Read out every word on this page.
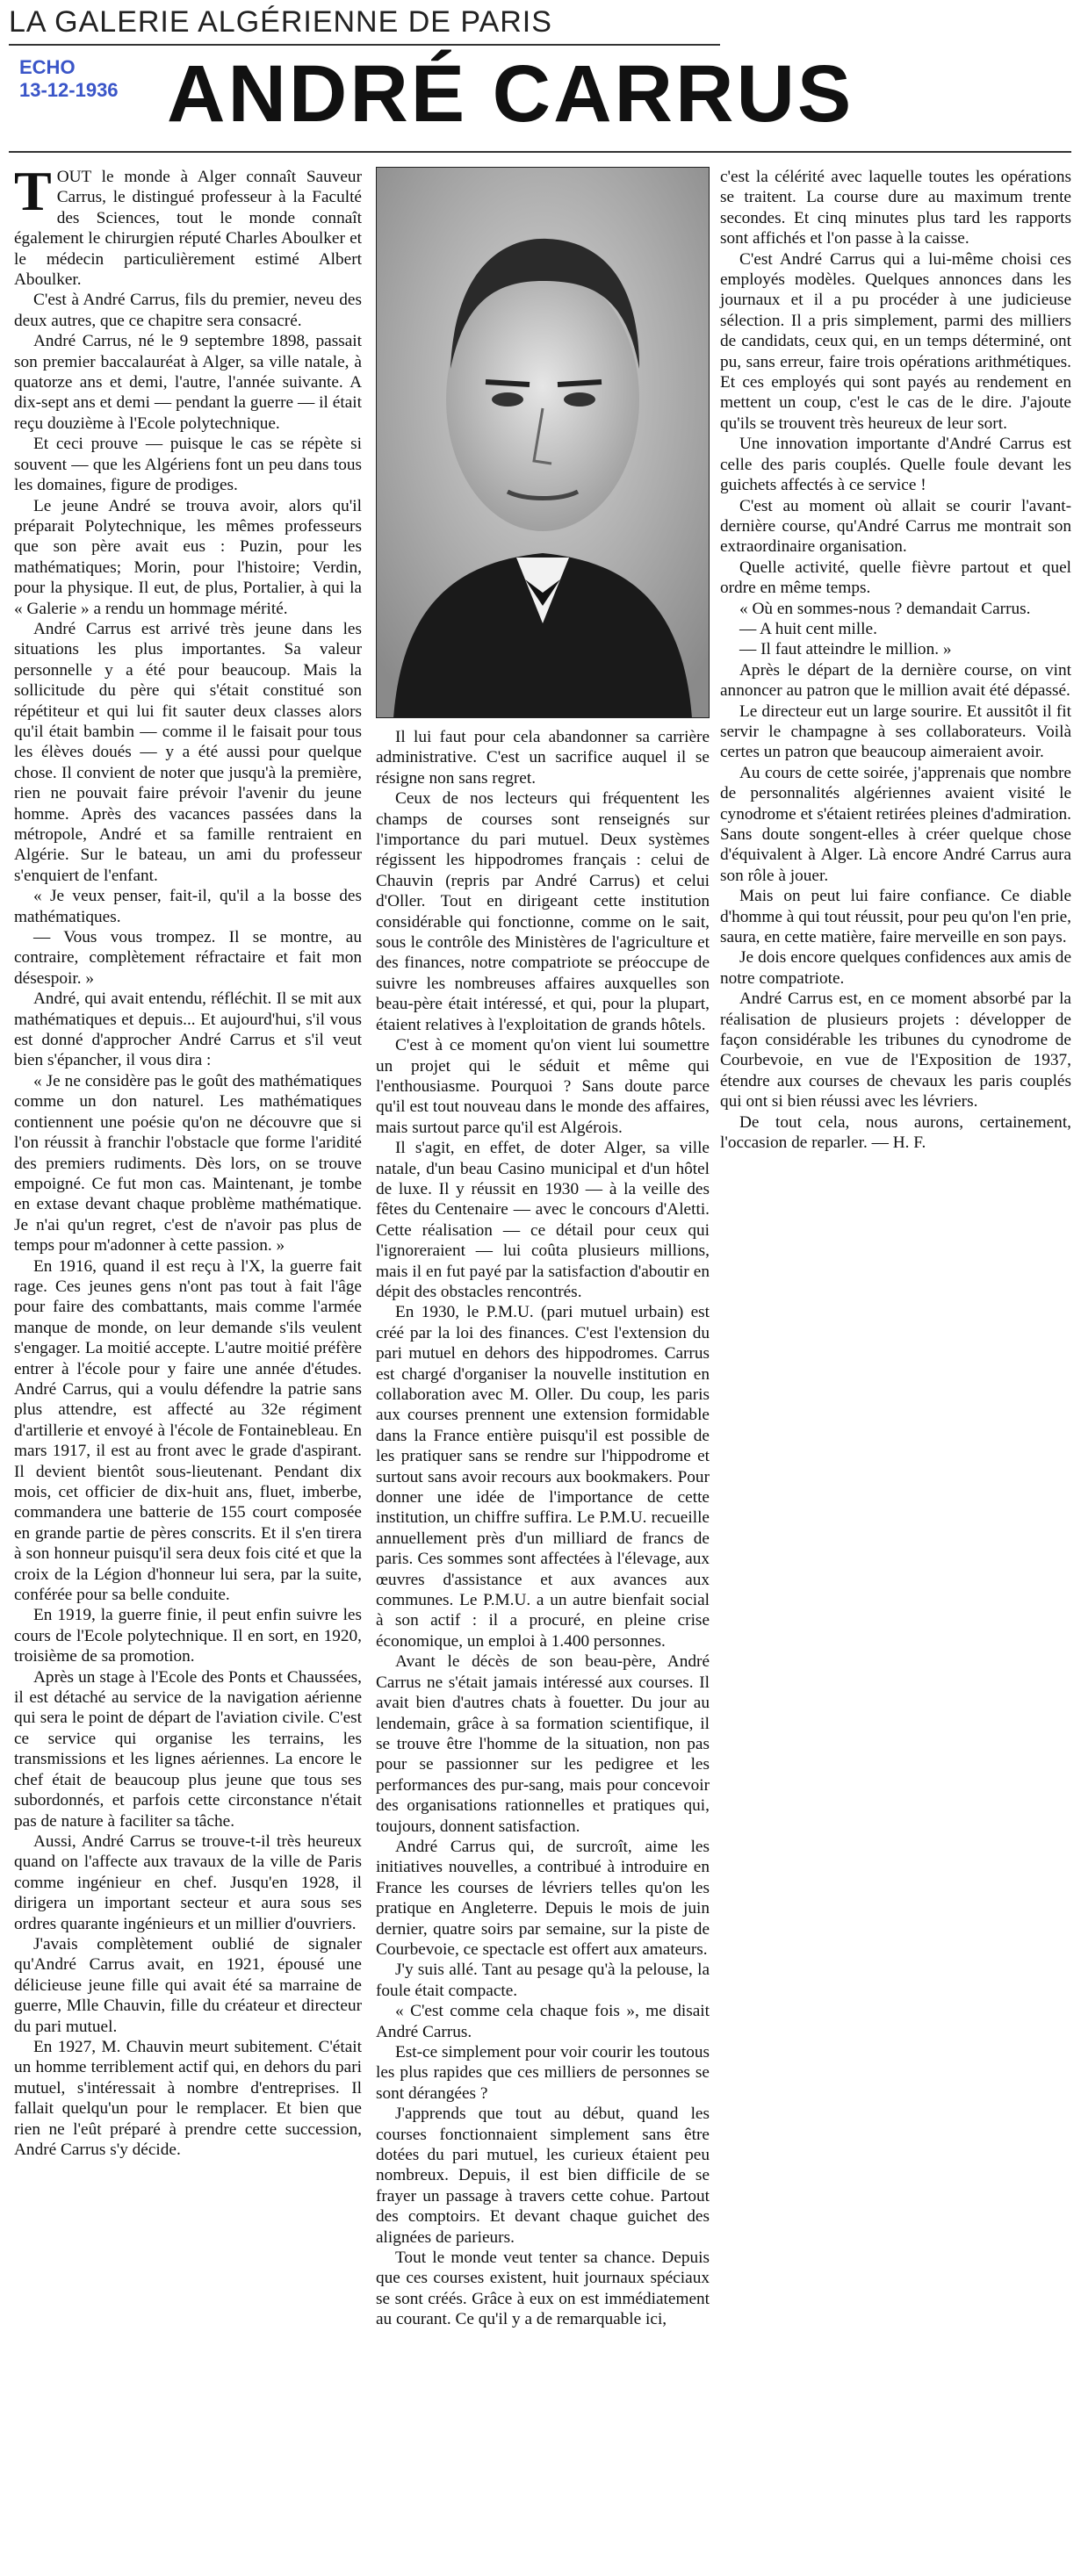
LA GALERIE ALGÉRIENNE DE PARIS
ECHO
13-12-1936 ANDRÉ CARRUS

TOUT le monde à Alger connaît Sauveur Carrus, le distingué professeur à la Faculté des Sciences, tout le monde connaît également le chirurgien réputé Charles Aboulker et le médecin particulièrement estimé Albert Aboulker.

C'est à André Carrus, fils du premier, neveu des deux autres, que ce chapitre sera consacré.

André Carrus, né le 9 septembre 1898, passait son premier baccalauréat à Alger, sa ville natale, à quatorze ans et demi, l'autre, l'année suivante. A dix-sept ans et demi — pendant la guerre — il était reçu douzième à l'Ecole polytechnique.

Et ceci prouve — puisque le cas se répète si souvent — que les Algériens font un peu dans tous les domaines, figure de prodiges.

Le jeune André se trouva avoir, alors qu'il préparait Polytechnique, les mêmes professeurs que son père avait eus : Puzin, pour les mathématiques; Morin, pour l'histoire; Verdin, pour la physique. Il eut, de plus, Portalier, à qui la « Galerie » a rendu un hommage mérité.

André Carrus est arrivé très jeune dans les situations les plus importantes. Sa valeur personnelle y a été pour beaucoup. Mais la sollicitude du père qui s'était constitué son répétiteur et qui lui fit sauter deux classes alors qu'il était bambin — comme il le faisait pour tous les élèves doués — y a été aussi pour quelque chose. Il convient de noter que jusqu'à la première, rien ne pouvait faire prévoir l'avenir du jeune homme. Après des vacances passées dans la métropole, André et sa famille rentraient en Algérie. Sur le bateau, un ami du professeur s'enquiert de l'enfant.

« Je veux penser, fait-il, qu'il a la bosse des mathématiques.

— Vous vous trompez. Il se montre, au contraire, complètement réfractaire et fait mon désespoir. »

André, qui avait entendu, réfléchit. Il se mit aux mathématiques et depuis... Et aujourd'hui, s'il vous est donné d'approcher André Carrus et s'il veut bien s'épancher, il vous dira :

« Je ne considère pas le goût des mathématiques comme un don naturel. Les mathématiques contiennent une poésie qu'on ne découvre que si l'on réussit à franchir l'obstacle que forme l'aridité des premiers rudiments. Dès lors, on se trouve empoigné. Ce fut mon cas. Maintenant, je tombe en extase devant chaque problème mathématique. Je n'ai qu'un regret, c'est de n'avoir pas plus de temps pour m'adonner à cette passion. »

En 1916, quand il est reçu à l'X, la guerre fait rage. Ces jeunes gens n'ont pas tout à fait l'âge pour faire des combattants, mais comme l'armée manque de monde, on leur demande s'ils veulent s'engager. La moitié accepte. L'autre moitié préfère entrer à l'école pour y faire une année d'études. André Carrus, qui a voulu défendre la patrie sans plus attendre, est affecté au 32e régiment d'artillerie et envoyé à l'école de Fontainebleau. En mars 1917, il est au front avec le grade d'aspirant. Il devient bientôt sous-lieutenant. Pendant dix mois, cet officier de dix-huit ans, fluet, imberbe, commandera une batterie de 155 court composée en grande partie de pères conscrits. Et il s'en tirera à son honneur puisqu'il sera deux fois cité et que la croix de la Légion d'honneur lui sera, par la suite, conférée pour sa belle conduite.

En 1919, la guerre finie, il peut enfin suivre les cours de l'Ecole polytechnique. Il en sort, en 1920, troisième de sa promotion.

Après un stage à l'Ecole des Ponts et Chaussées, il est détaché au service de la navigation aérienne qui sera le point de départ de l'aviation civile. C'est ce service qui organise les terrains, les transmissions et les lignes aériennes. La encore le chef était de beaucoup plus jeune que tous ses subordonnés, et parfois cette circonstance n'était pas de nature à faciliter sa tâche.

Aussi, André Carrus se trouve-t-il très heureux quand on l'affecte aux travaux de la ville de Paris comme ingénieur en chef. Jusqu'en 1928, il dirigera un important secteur et aura sous ses ordres quarante ingénieurs et un millier d'ouvriers.

J'avais complètement oublié de signaler qu'André Carrus avait, en 1921, épousé une délicieuse jeune fille qui avait été sa marraine de guerre, Mlle Chauvin, fille du créateur et directeur du pari mutuel.

En 1927, M. Chauvin meurt subitement. C'était un homme terriblement actif qui, en dehors du pari mutuel, s'intéressait à nombre d'entreprises. Il fallait quelqu'un pour le remplacer. Et bien que rien ne l'eût préparé à prendre cette succession, André Carrus s'y décide.

Il lui faut pour cela abandonner sa carrière administrative. C'est un sacrifice auquel il se résigne non sans regret.

Ceux de nos lecteurs qui fréquentent les champs de courses sont renseignés sur l'importance du pari mutuel. Deux systèmes régissent les hippodromes français : celui de Chauvin (repris par André Carrus) et celui d'Oller. Tout en dirigeant cette institution considérable qui fonctionne, comme on le sait, sous le contrôle des Ministères de l'agriculture et des finances, notre compatriote se préoccupe de suivre les nombreuses affaires auxquelles son beau-père était intéressé, et qui, pour la plupart, étaient relatives à l'exploitation de grands hôtels.

C'est à ce moment qu'on vient lui soumettre un projet qui le séduit et même qui l'enthousiasme. Pourquoi ? Sans doute parce qu'il est tout nouveau dans le monde des affaires, mais surtout parce qu'il est Algérois.

Il s'agit, en effet, de doter Alger, sa ville natale, d'un beau Casino municipal et d'un hôtel de luxe. Il y réussit en 1930 — à la veille des fêtes du Centenaire — avec le concours d'Aletti. Cette réalisation — ce détail pour ceux qui l'ignoreraient — lui coûta plusieurs millions, mais il en fut payé par la satisfaction d'aboutir en dépit des obstacles rencontrés.

En 1930, le P.M.U. (pari mutuel urbain) est créé par la loi des finances. C'est l'extension du pari mutuel en dehors des hippodromes. Carrus est chargé d'organiser la nouvelle institution en collaboration avec M. Oller. Du coup, les paris aux courses prennent une extension formidable dans la France entière puisqu'il est possible de les pratiquer sans se rendre sur l'hippodrome et surtout sans avoir recours aux bookmakers. Pour donner une idée de l'importance de cette institution, un chiffre suffira. Le P.M.U. recueille annuellement près d'un milliard de francs de paris. Ces sommes sont affectées à l'élevage, aux œuvres d'assistance et aux avances aux communes. Le P.M.U. a un autre bienfait social à son actif : il a procuré, en pleine crise économique, un emploi à 1.400 personnes.

Avant le décès de son beau-père, André Carrus ne s'était jamais intéressé aux courses. Il avait bien d'autres chats à fouetter. Du jour au lendemain, grâce à sa formation scientifique, il se trouve être l'homme de la situation, non pas pour se passionner sur les pedigree et les performances des pur-sang, mais pour concevoir des organisations rationnelles et pratiques qui, toujours, donnent satisfaction.

André Carrus qui, de surcroît, aime les initiatives nouvelles, a contribué à introduire en France les courses de lévriers telles qu'on les pratique en Angleterre. Depuis le mois de juin dernier, quatre soirs par semaine, sur la piste de Courbevoie, ce spectacle est offert aux amateurs.

J'y suis allé. Tant au pesage qu'à la pelouse, la foule était compacte.

« C'est comme cela chaque fois », me disait André Carrus.

Est-ce simplement pour voir courir les toutous les plus rapides que ces milliers de personnes se sont dérangées ?

J'apprends que tout au début, quand les courses fonctionnaient simplement sans être dotées du pari mutuel, les curieux étaient peu nombreux. Depuis, il est bien difficile de se frayer un passage à travers cette cohue. Partout des comptoirs. Et devant chaque guichet des alignées de parieurs.

Tout le monde veut tenter sa chance. Depuis que ces courses existent, huit journaux spéciaux se sont créés. Grâce à eux on est immédiatement au courant. Ce qu'il y a de remarquable ici,

c'est la célérité avec laquelle toutes les opérations se traitent. La course dure au maximum trente secondes. Et cinq minutes plus tard les rapports sont affichés et l'on passe à la caisse.

C'est André Carrus qui a lui-même choisi ces employés modèles. Quelques annonces dans les journaux et il a pu procéder à une judicieuse sélection. Il a pris simplement, parmi des milliers de candidats, ceux qui, en un temps déterminé, ont pu, sans erreur, faire trois opérations arithmétiques. Et ces employés qui sont payés au rendement en mettent un coup, c'est le cas de le dire. J'ajoute qu'ils se trouvent très heureux de leur sort.

Une innovation importante d'André Carrus est celle des paris couplés. Quelle foule devant les guichets affectés à ce service !

C'est au moment où allait se courir l'avant-dernière course, qu'André Carrus me montrait son extraordinaire organisation.

Quelle activité, quelle fièvre partout et quel ordre en même temps.

« Où en sommes-nous ? demandait Carrus.

— A huit cent mille.

— Il faut atteindre le million. »

Après le départ de la dernière course, on vint annoncer au patron que le million avait été dépassé.

Le directeur eut un large sourire. Et aussitôt il fit servir le champagne à ses collaborateurs. Voilà certes un patron que beaucoup aimeraient avoir.

Au cours de cette soirée, j'apprenais que nombre de personnalités algériennes avaient visité le cynodrome et s'étaient retirées pleines d'admiration. Sans doute songent-elles à créer quelque chose d'équivalent à Alger. Là encore André Carrus aura son rôle à jouer.

Mais on peut lui faire confiance. Ce diable d'homme à qui tout réussit, pour peu qu'on l'en prie, saura, en cette matière, faire merveille en son pays.

Je dois encore quelques confidences aux amis de notre compatriote.

André Carrus est, en ce moment absorbé par la réalisation de plusieurs projets : développer de façon considérable les tribunes du cynodrome de Courbevoie, en vue de l'Exposition de 1937, étendre aux courses de chevaux les paris couplés qui ont si bien réussi avec les lévriers.

De tout cela, nous aurons, certainement, l'occasion de reparler. — H. F.
